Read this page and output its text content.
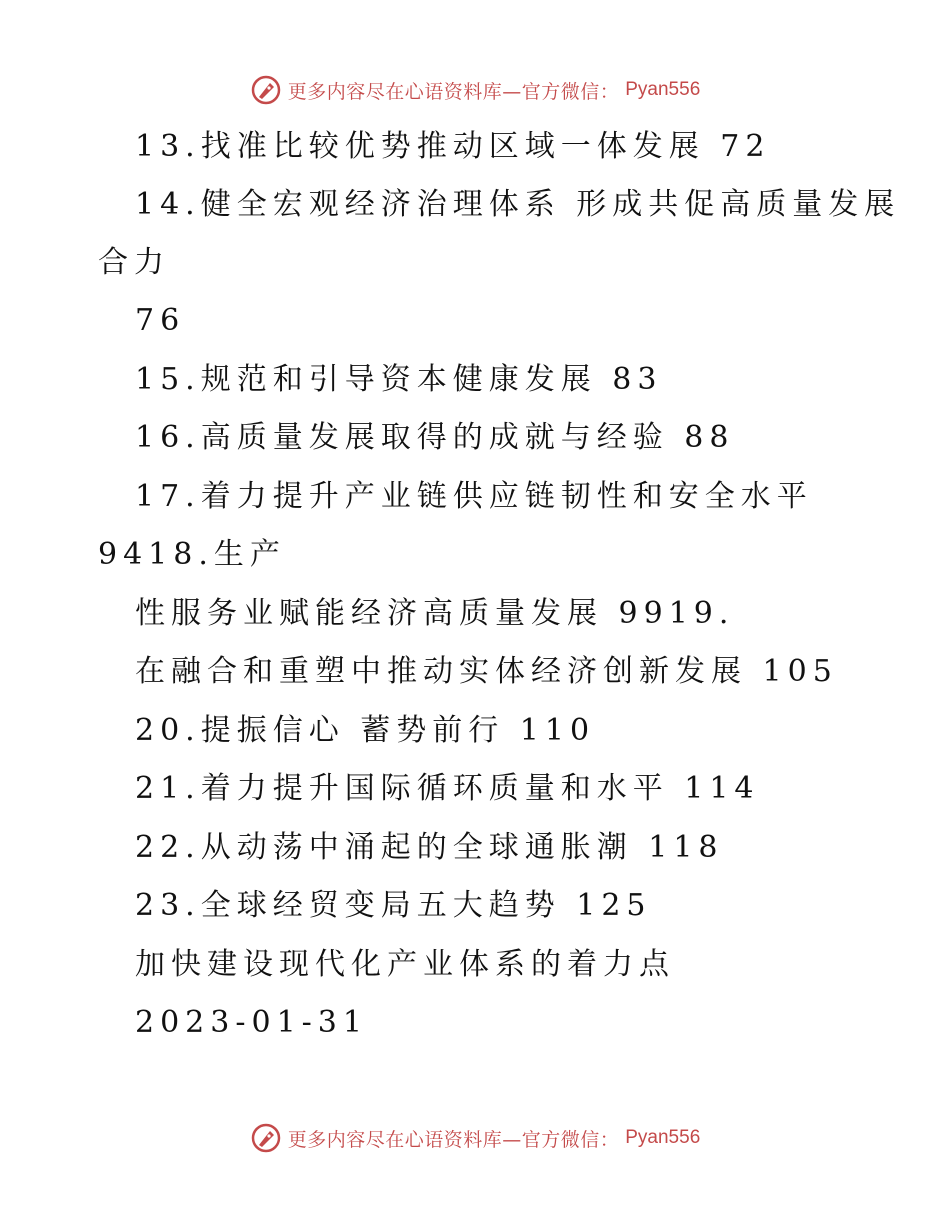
更多内容尽在心语资料库—官方微信： Pyan556
13.找准比较优势推动区域一体发展 72
14.健全宏观经济治理体系 形成共促高质量发展
合力
76
15.规范和引导资本健康发展 83
16.高质量发展取得的成就与经验 88
17.着力提升产业链供应链韧性和安全水平
9418.生产
性服务业赋能经济高质量发展 9919.
在融合和重塑中推动实体经济创新发展 105
20.提振信心 蓄势前行 110
21.着力提升国际循环质量和水平 114
22.从动荡中涌起的全球通胀潮 118
23.全球经贸变局五大趋势 125
加快建设现代化产业体系的着力点
2023-01-31
更多内容尽在心语资料库—官方微信： Pyan556
